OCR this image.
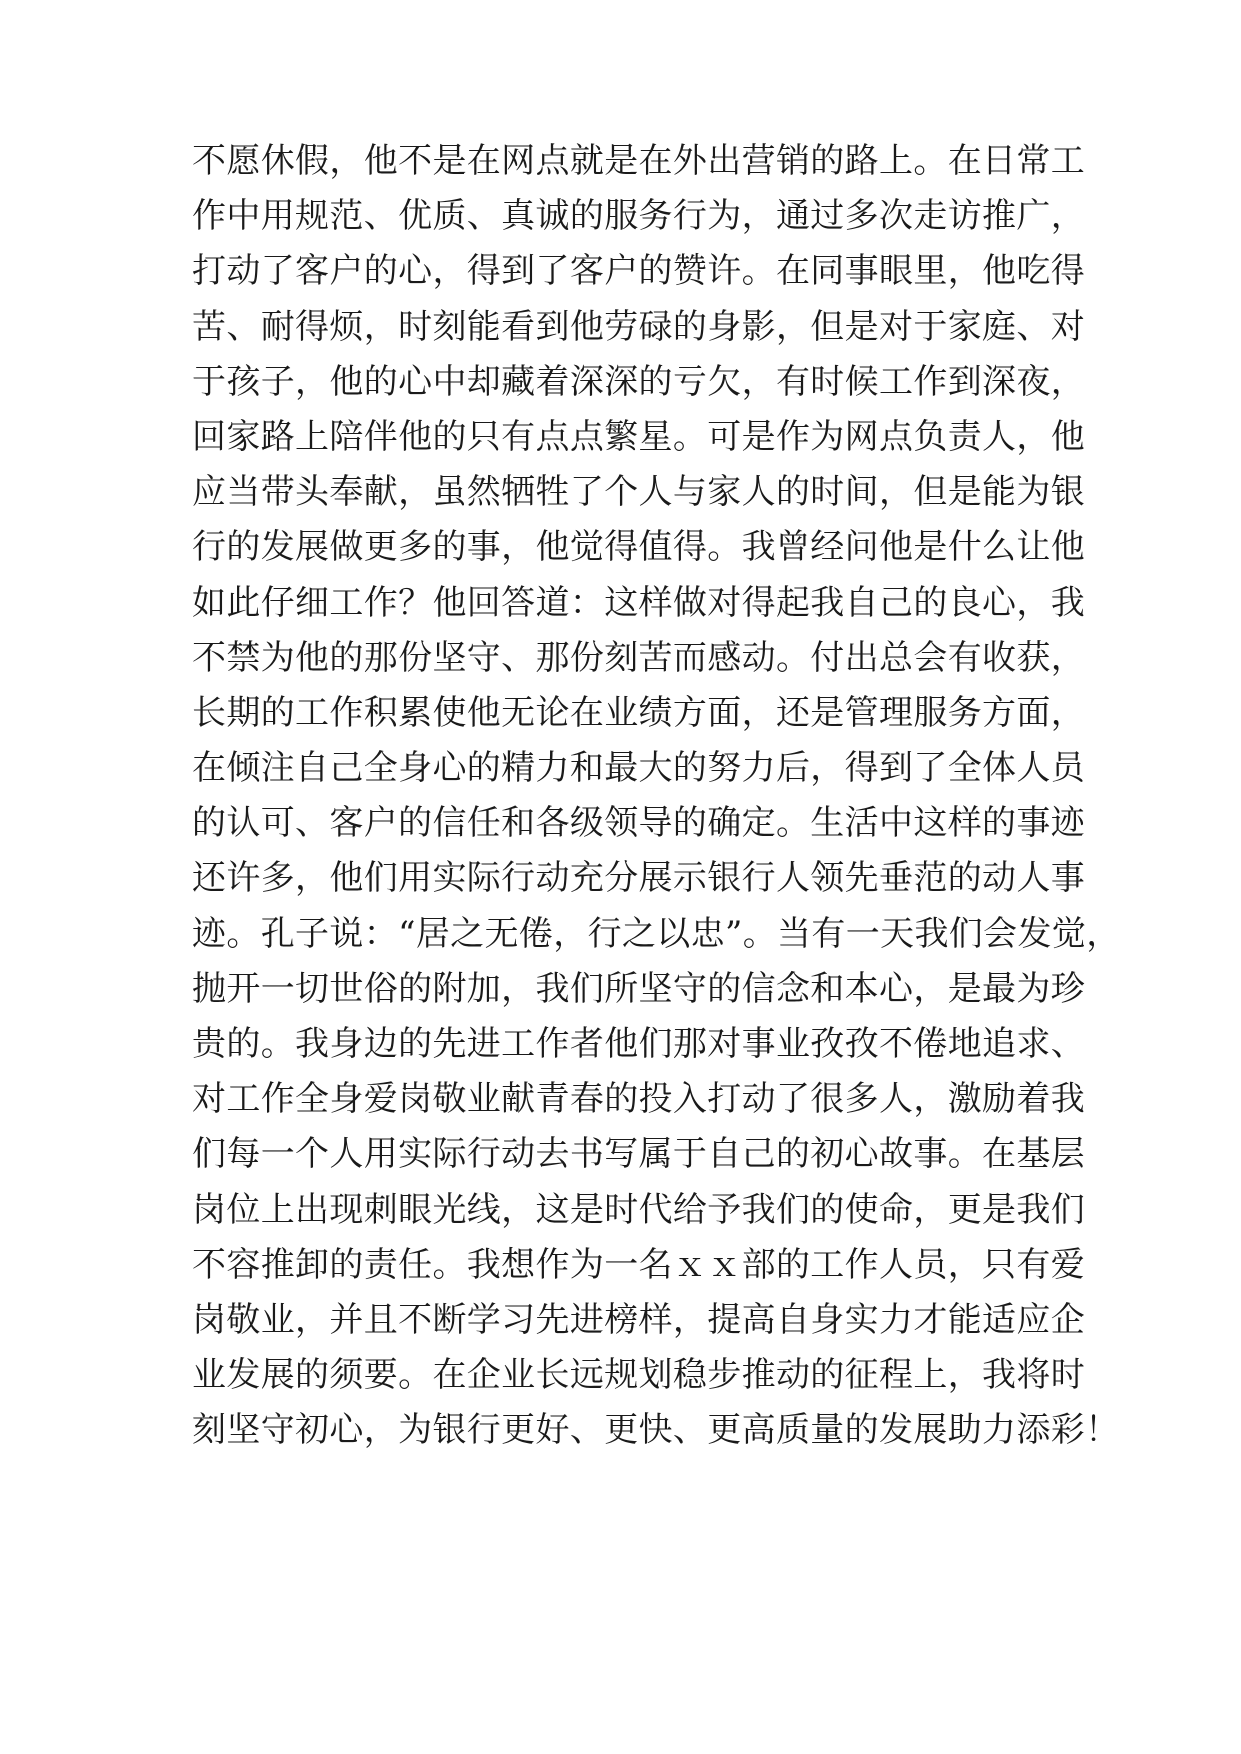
不愿休假，他不是在网点就是在外出营销的路上。在日常工
作中用规范、优质、真诚的服务行为，通过多次走访推广，
打动了客户的心，得到了客户的赞许。在同事眼里，他吃得
苦、耐得烦，时刻能看到他劳碌的身影，但是对于家庭、对
于孩子，他的心中却藏着深深的亏欠，有时候工作到深夜，
回家路上陪伴他的只有点点繁星。可是作为网点负责人，他
应当带头奉献，虽然牺牲了个人与家人的时间，但是能为银
行的发展做更多的事，他觉得值得。我曾经问他是什么让他
如此仔细工作？他回答道：这样做对得起我自己的良心，我
不禁为他的那份坚守、那份刻苦而感动。付出总会有收获，
长期的工作积累使他无论在业绩方面，还是管理服务方面，
在倾注自己全身心的精力和最大的努力后，得到了全体人员
的认可、客户的信任和各级领导的确定。生活中这样的事迹
还许多，他们用实际行动充分展示银行人领先垂范的动人事
迹。孔子说：“居之无倦，行之以忠”。当有一天我们会发觉，
抛开一切世俗的附加，我们所坚守的信念和本心，是最为珍
贵的。我身边的先进工作者他们那对事业孜孜不倦地追求、
对工作全身爱岗敬业献青春的投入打动了很多人，激励着我
们每一个人用实际行动去书写属于自己的初心故事。在基层
岗位上出现刺眼光线，这是时代给予我们的使命，更是我们
不容推卸的责任。我想作为一名ｘｘ部的工作人员，只有爱
岗敬业，并且不断学习先进榜样，提高自身实力才能适应企
业发展的须要。在企业长远规划稳步推动的征程上，我将时
刻坚守初心，为银行更好、更快、更高质量的发展助力添彩！
